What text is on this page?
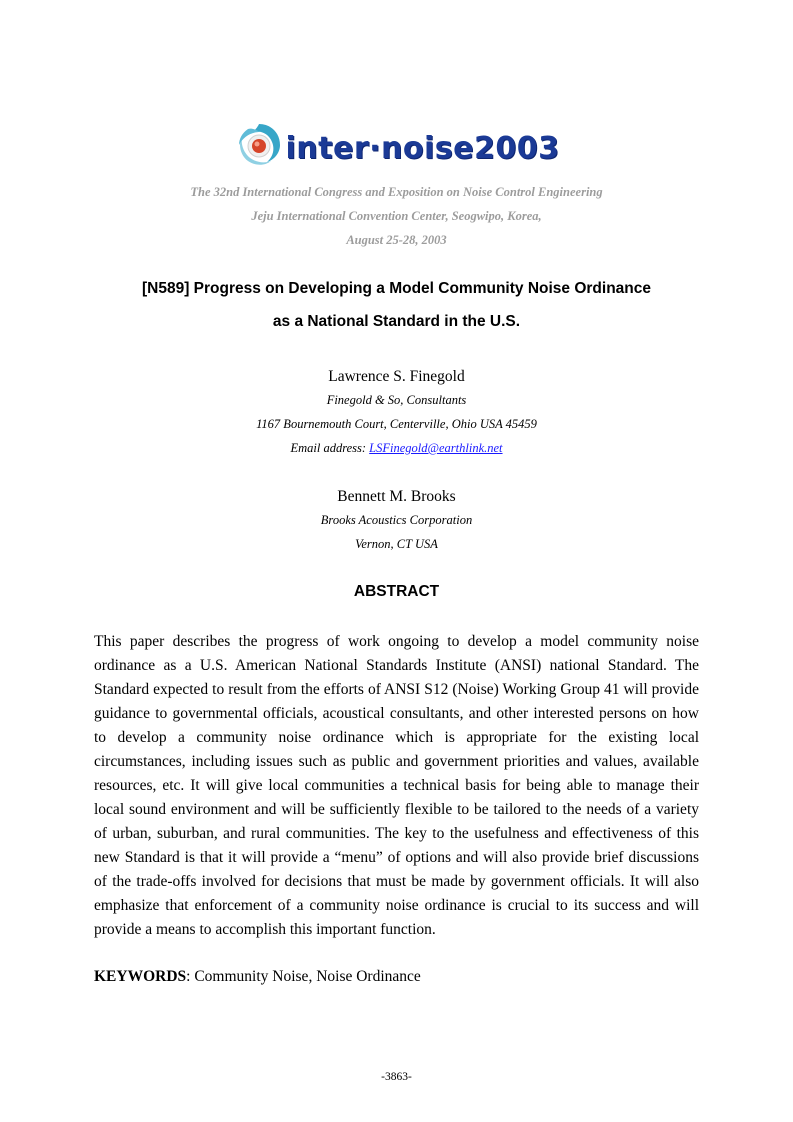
inter·noise2003
The 32nd International Congress and Exposition on Noise Control Engineering
Jeju International Convention Center, Seogwipo, Korea,
August 25-28, 2003
[N589] Progress on Developing a Model Community Noise Ordinance
as a National Standard in the U.S.
Lawrence S. Finegold
Finegold & So, Consultants
1167 Bournemouth Court, Centerville, Ohio USA 45459
Email address: LSFinegold@earthlink.net
Bennett M. Brooks
Brooks Acoustics Corporation
Vernon, CT USA
ABSTRACT

This paper describes the progress of work ongoing to develop a model community noise ordinance as a U.S. American National Standards Institute (ANSI) national Standard. The Standard expected to result from the efforts of ANSI S12 (Noise) Working Group 41 will provide guidance to governmental officials, acoustical consultants, and other interested persons on how to develop a community noise ordinance which is appropriate for the existing local circumstances, including issues such as public and government priorities and values, available resources, etc. It will give local communities a technical basis for being able to manage their local sound environment and will be sufficiently flexible to be tailored to the needs of a variety of urban, suburban, and rural communities. The key to the usefulness and effectiveness of this new Standard is that it will provide a “menu” of options and will also provide brief discussions of the trade-offs involved for decisions that must be made by government officials. It will also emphasize that enforcement of a community noise ordinance is crucial to its success and will provide a means to accomplish this important function.

KEYWORDS: Community Noise, Noise Ordinance
-3863-
